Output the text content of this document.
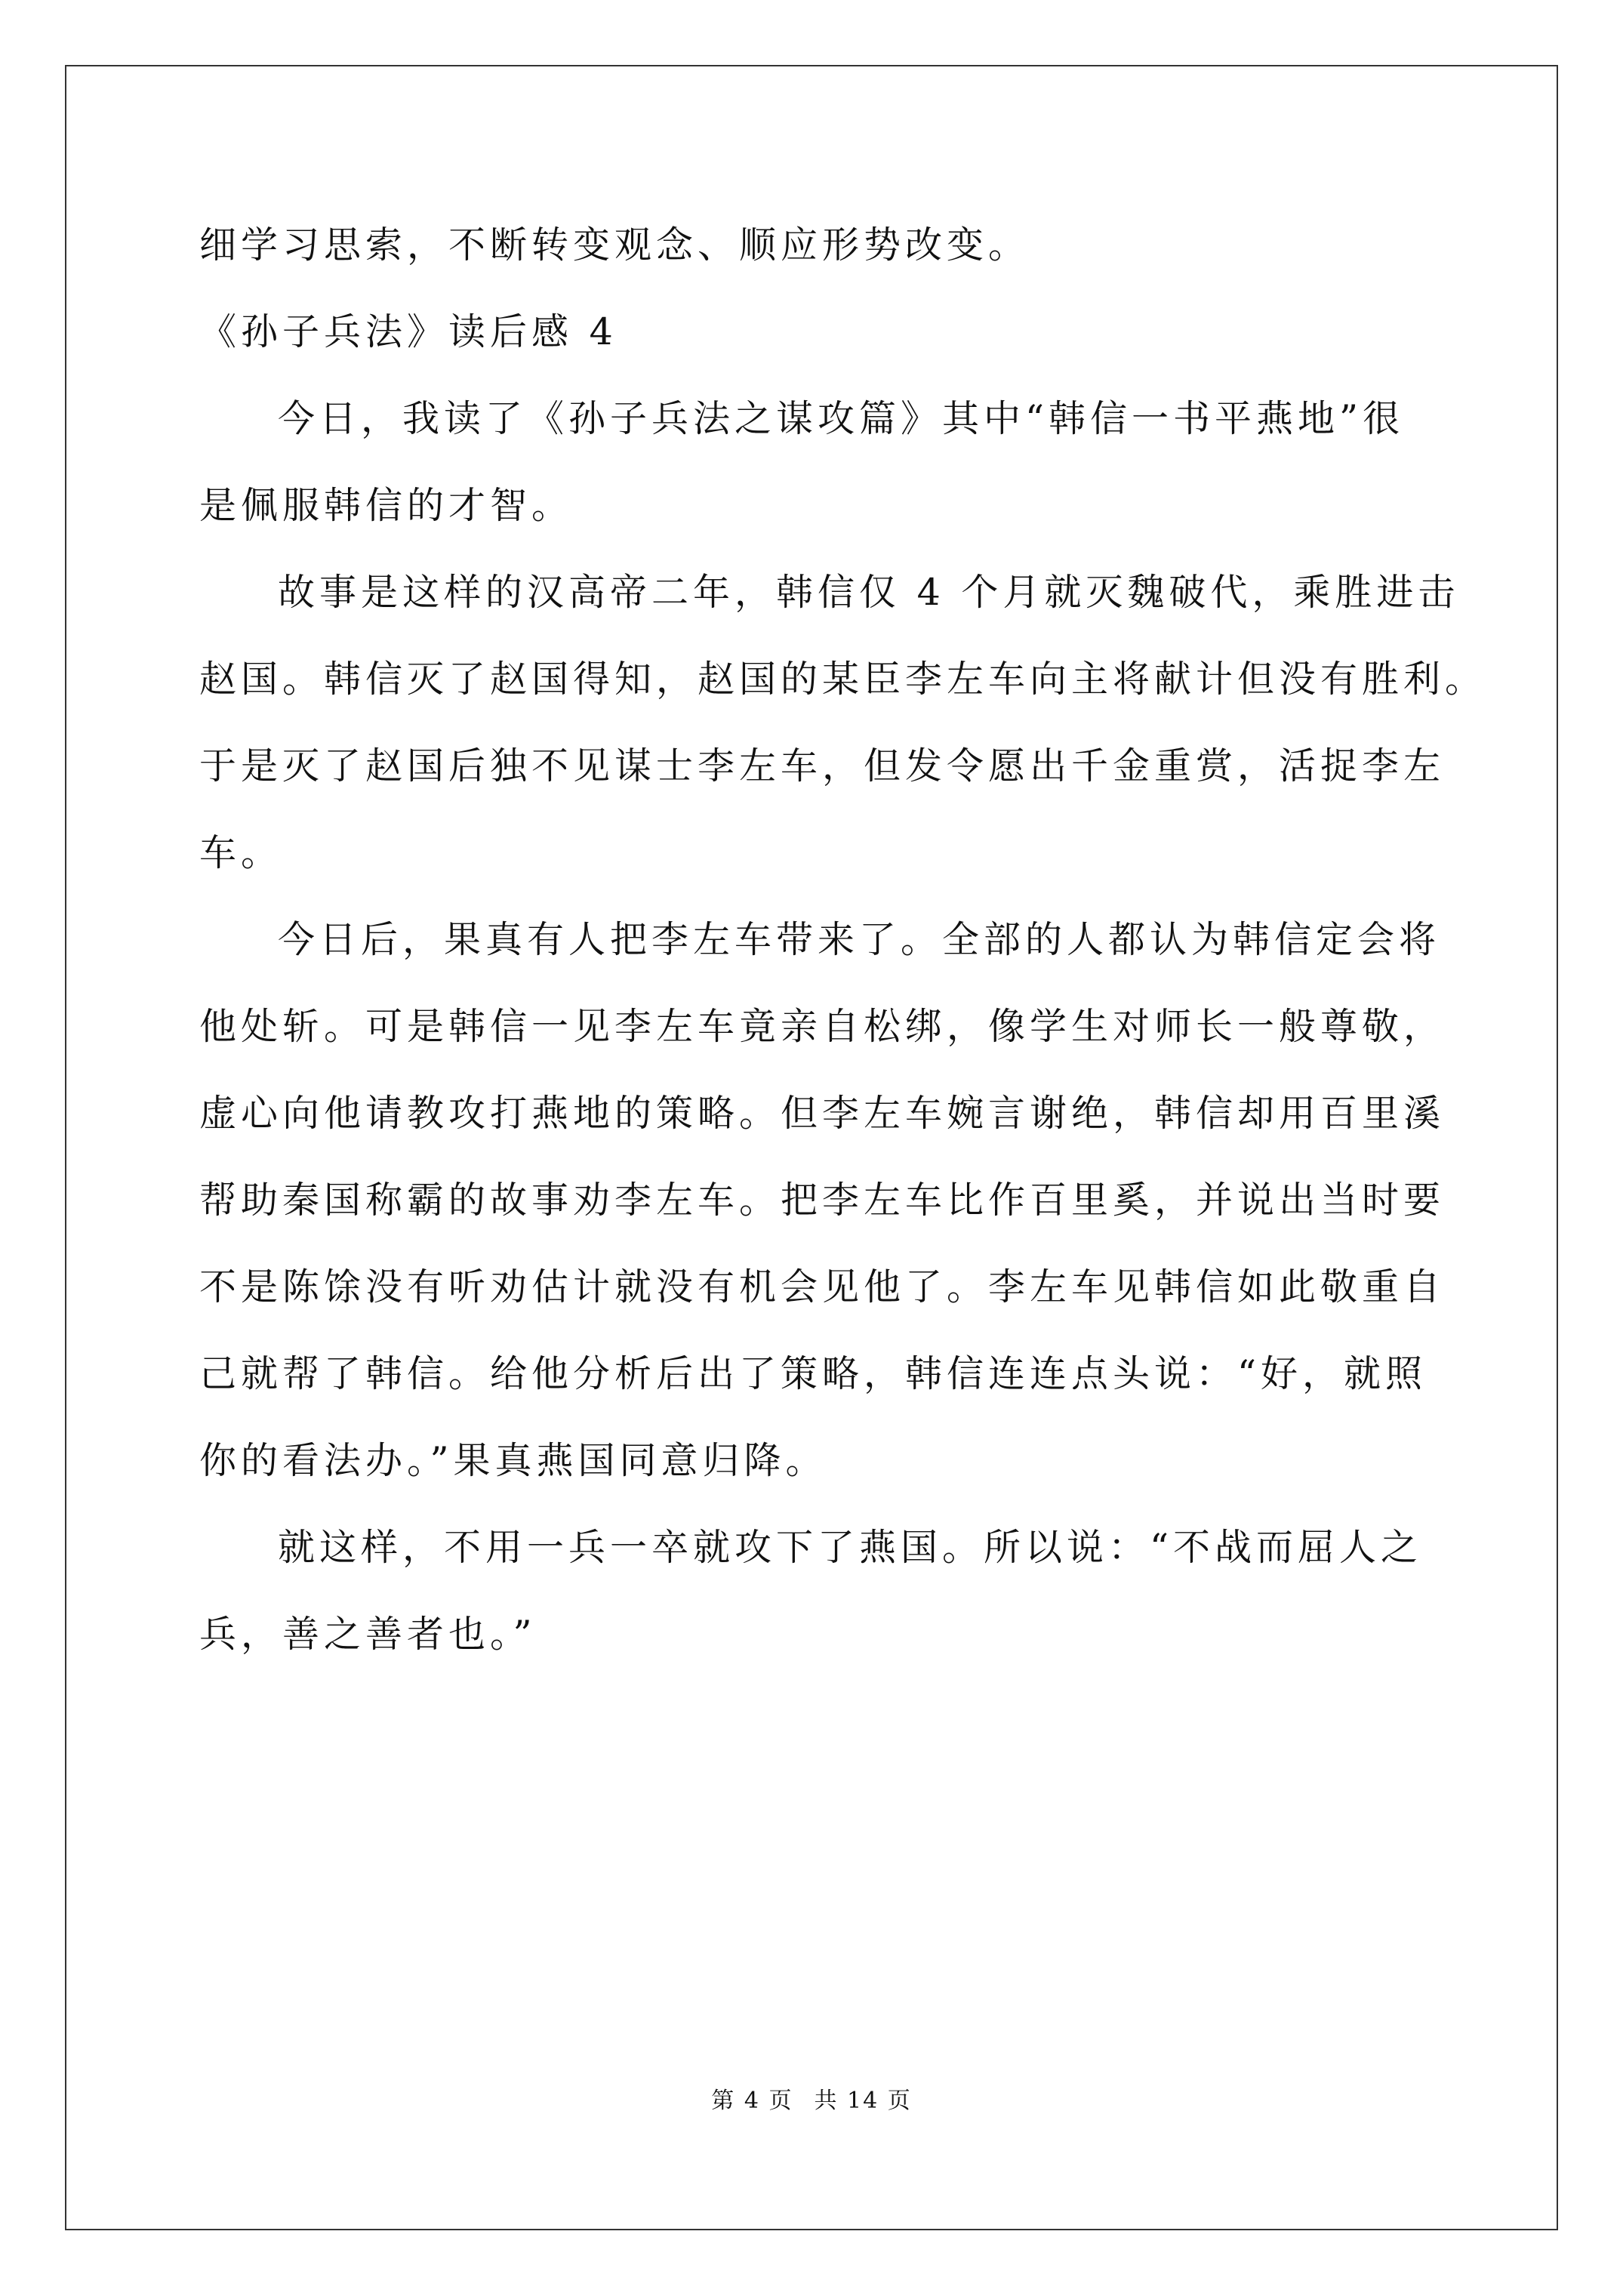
细学习思索，不断转变观念、顺应形势改变。
《孙子兵法》读后感 4
今日，我读了《孙子兵法之谋攻篇》其中“韩信一书平燕地”很
是佩服韩信的才智。
故事是这样的汉高帝二年，韩信仅 4 个月就灭魏破代，乘胜进击
赵国。韩信灭了赵国得知，赵国的某臣李左车向主将献计但没有胜利。
于是灭了赵国后独不见谋士李左车，但发令愿出千金重赏，活捉李左
车。
今日后，果真有人把李左车带来了。全部的人都认为韩信定会将
他处斩。可是韩信一见李左车竟亲自松绑，像学生对师长一般尊敬，
虚心向他请教攻打燕地的策略。但李左车婉言谢绝，韩信却用百里溪
帮助秦国称霸的故事劝李左车。把李左车比作百里奚，并说出当时要
不是陈馀没有听劝估计就没有机会见他了。李左车见韩信如此敬重自
己就帮了韩信。给他分析后出了策略，韩信连连点头说：“好，就照
你的看法办。”果真燕国同意归降。
就这样，不用一兵一卒就攻下了燕国。所以说：“不战而屈人之
兵，善之善者也。”
第 4 页 共 14 页
